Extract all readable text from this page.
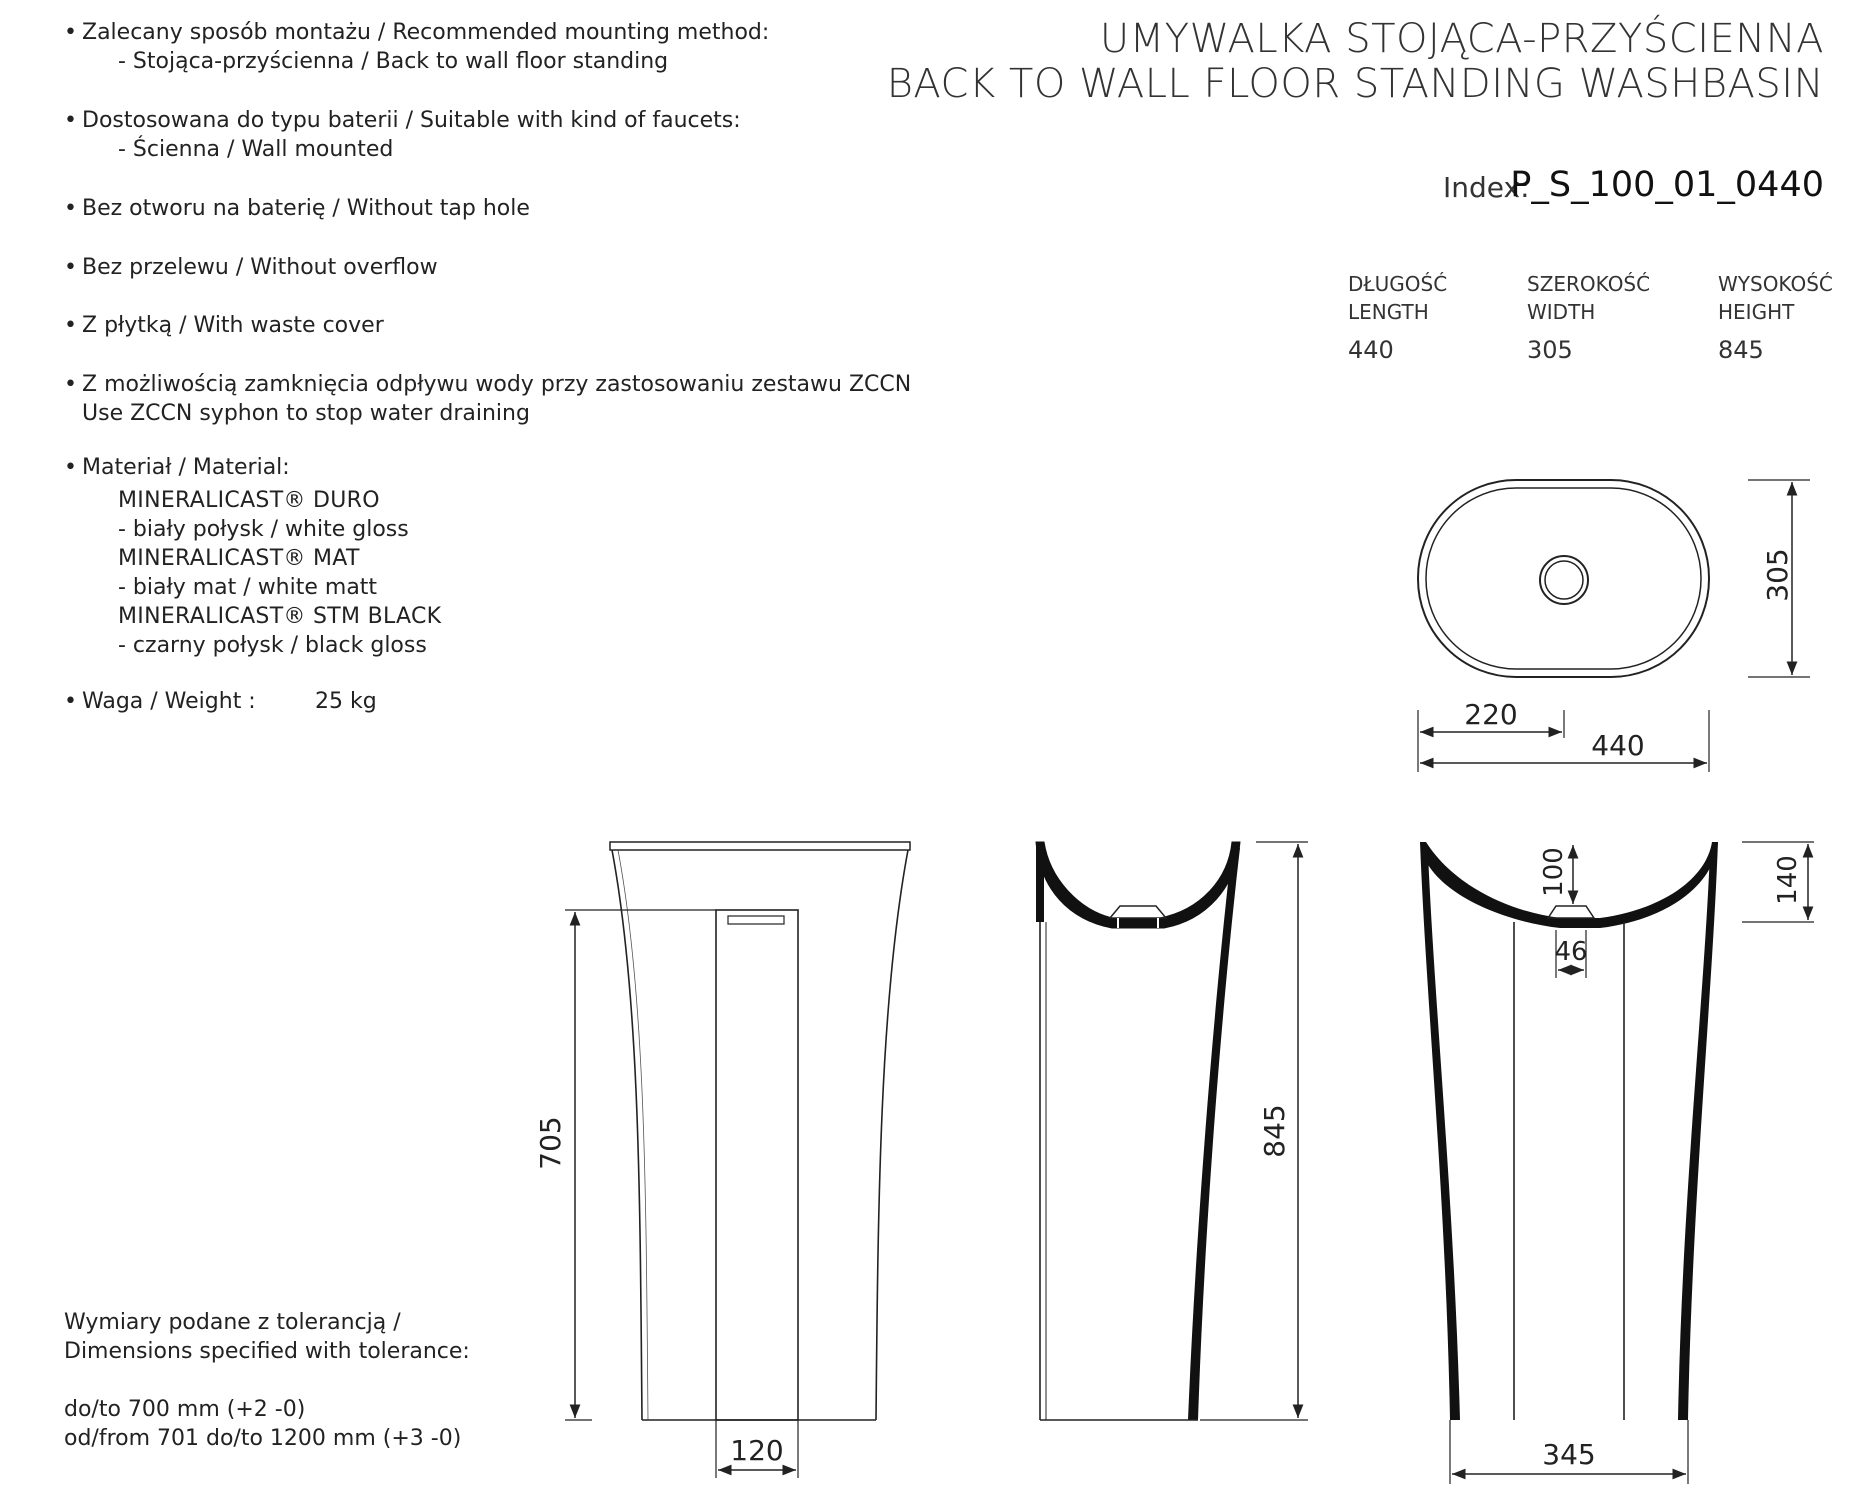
• Zalecany sposób montażu / Recommended mounting method:
- Stojąca-przyścienna / Back to wall floor standing
• Dostosowana do typu baterii / Suitable with kind of faucets:
- Ścienna / Wall mounted
• Bez otworu na baterię / Without tap hole
• Bez przelewu / Without overflow
• Z płytką / With waste cover
• Z możliwością zamknięcia odpływu wody przy zastosowaniu zestawu ZCCN
Use ZCCN syphon to stop water draining
• Materiał / Material:
MINERALICAST® DURO
- biały połysk / white gloss
MINERALICAST® MAT
- biały mat / white matt
MINERALICAST® STM BLACK
- czarny połysk / black gloss
• Waga / Weight :	25 kg
UMYWALKA STOJĄCA-PRZYŚCIENNA
BACK TO WALL FLOOR STANDING WASHBASIN
Index:
P_S_100_01_0440
DŁUGOŚĆ
LENGTH
440
SZEROKOŚĆ
WIDTH
305
WYSOKOŚĆ
HEIGHT
845
Wymiary podane z tolerancją /
Dimensions specified with tolerance:
do/to 700 mm (+2 -0)
od/from 701 do/to 1200 mm (+3 -0)
305
220
440
705
120
845
100
46
140
345
